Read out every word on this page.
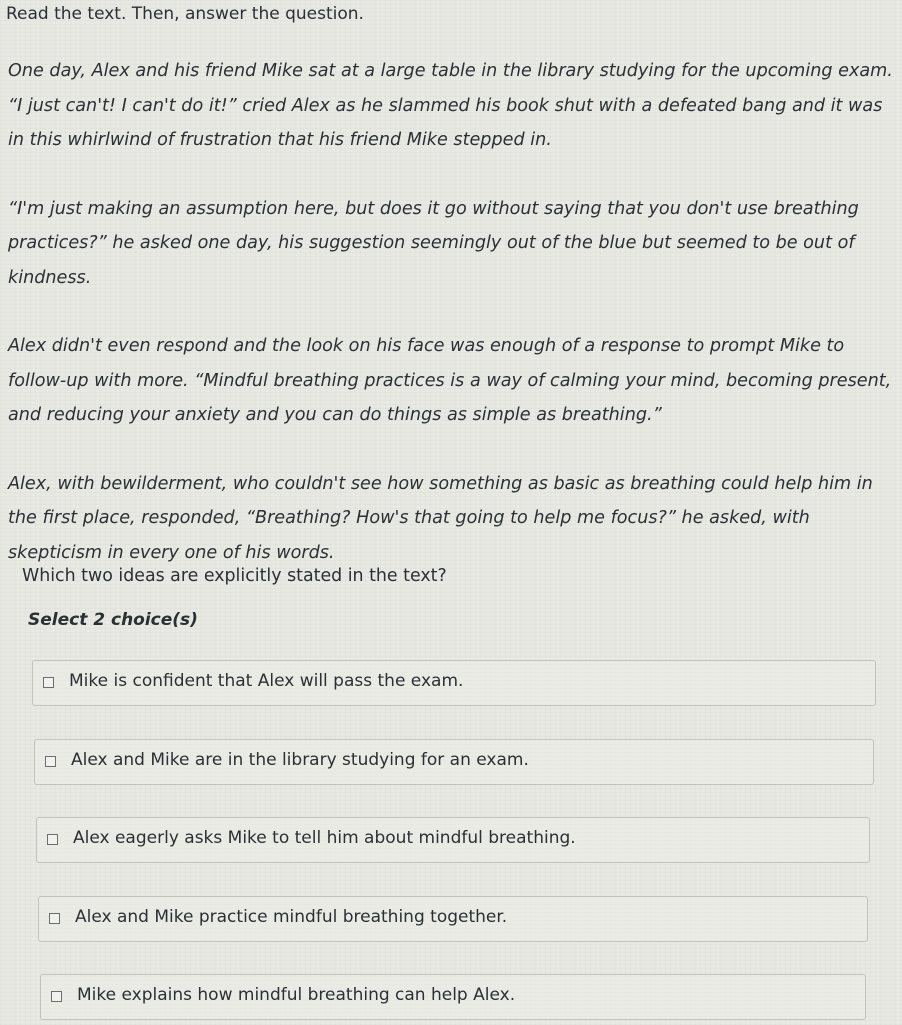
Read the text. Then, answer the question.

One day, Alex and his friend Mike sat at a large table in the library studying for the upcoming exam. “I just can't! I can't do it!” cried Alex as he slammed his book shut with a defeated bang and it was in this whirlwind of frustration that his friend Mike stepped in.

“I'm just making an assumption here, but does it go without saying that you don't use breathing practices?” he asked one day, his suggestion seemingly out of the blue but seemed to be out of kindness.

Alex didn't even respond and the look on his face was enough of a response to prompt Mike to follow-up with more. “Mindful breathing practices is a way of calming your mind, becoming present, and reducing your anxiety and you can do things as simple as breathing.”

Alex, with bewilderment, who couldn't see how something as basic as breathing could help him in the first place, responded, “Breathing? How's that going to help me focus?” he asked, with skepticism in every one of his words.

Which two ideas are explicitly stated in the text?
Select 2 choice(s)
Mike is confident that Alex will pass the exam.
Alex and Mike are in the library studying for an exam.
Alex eagerly asks Mike to tell him about mindful breathing.
Alex and Mike practice mindful breathing together.
Mike explains how mindful breathing can help Alex.
